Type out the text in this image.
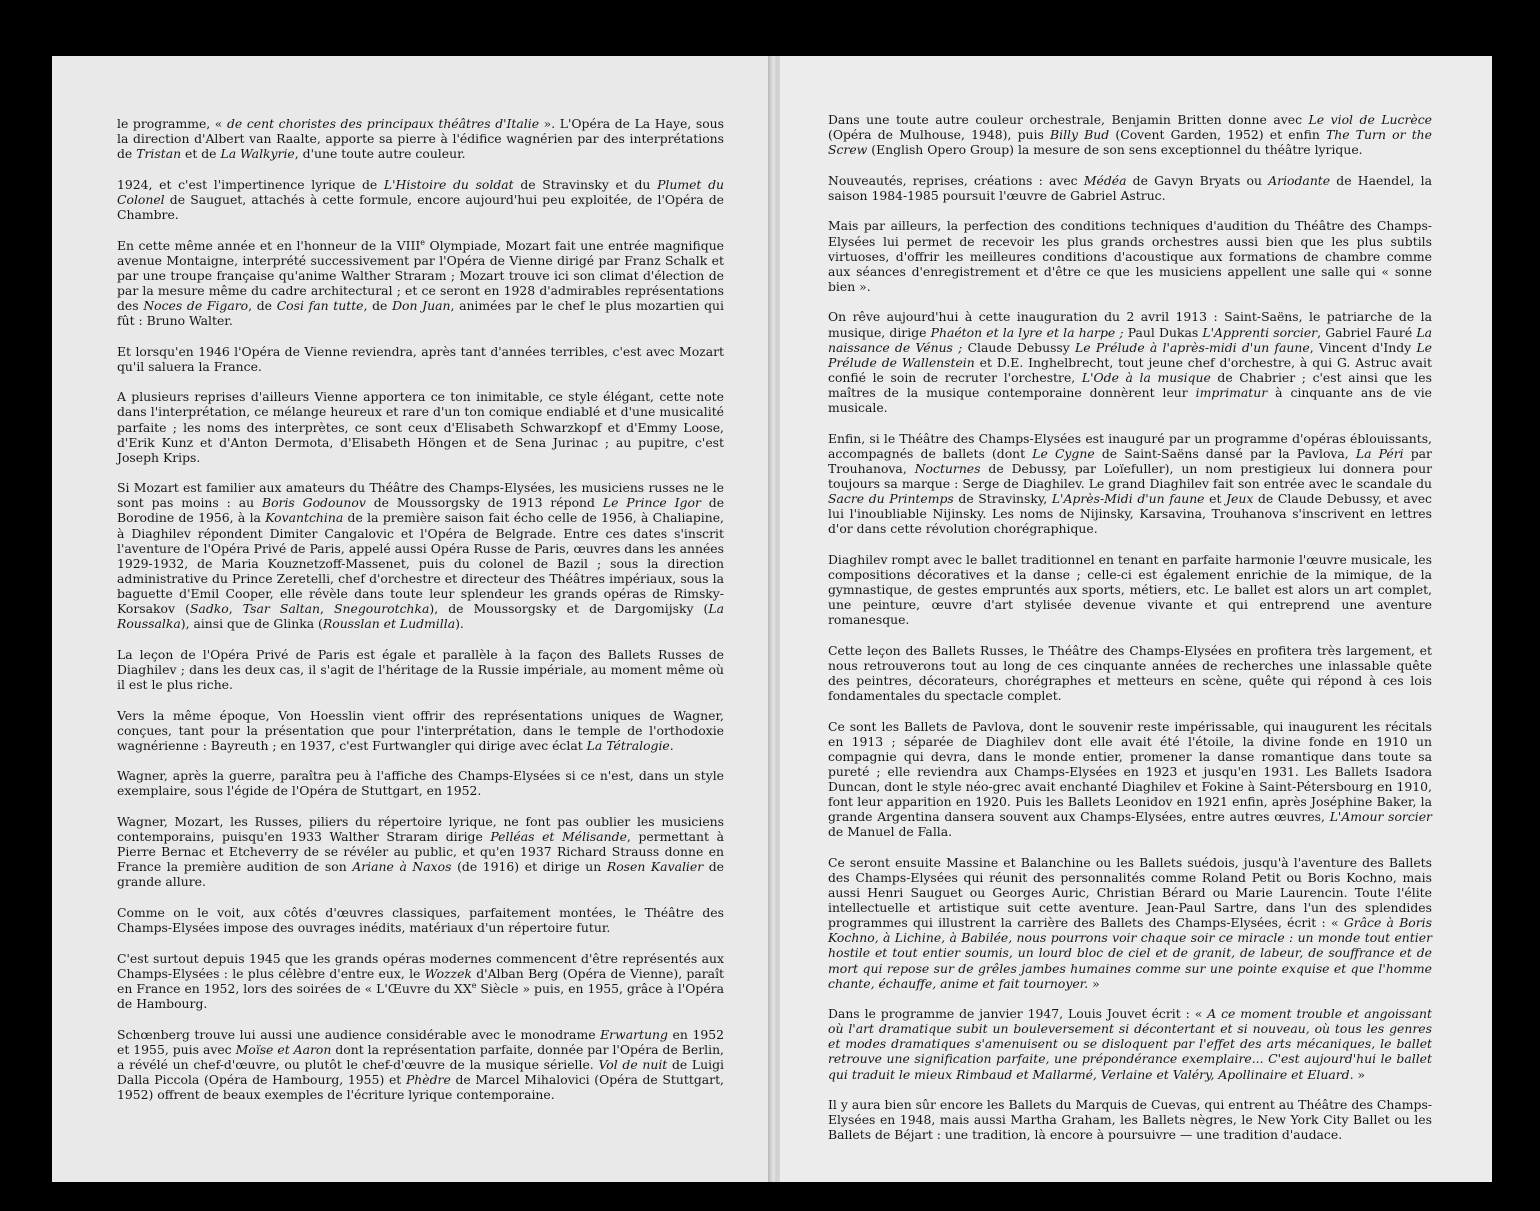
le programme, « de cent choristes des principaux théâtres d'Italie ». L'Opéra de La Haye, sous la direction d'Albert van Raalte, apporte sa pierre à l'édifice wagnérien par des interprétations de Tristan et de La Walkyrie, d'une toute autre couleur.

1924, et c'est l'impertinence lyrique de L'Histoire du soldat de Stravinsky et du Plumet du Colonel de Sauguet, attachés à cette formule, encore aujourd'hui peu exploitée, de l'Opéra de Chambre.

En cette même année et en l'honneur de la VIIIe Olympiade, Mozart fait une entrée magnifique avenue Montaigne, interprété successivement par l'Opéra de Vienne dirigé par Franz Schalk et par une troupe française qu'anime Walther Straram ; Mozart trouve ici son climat d'élection de par la mesure même du cadre architectural ; et ce seront en 1928 d'admirables représentations des Noces de Figaro, de Cosi fan tutte, de Don Juan, animées par le chef le plus mozartien qui fût : Bruno Walter.

Et lorsqu'en 1946 l'Opéra de Vienne reviendra, après tant d'années terribles, c'est avec Mozart qu'il saluera la France.

A plusieurs reprises d'ailleurs Vienne apportera ce ton inimitable, ce style élégant, cette note dans l'interprétation, ce mélange heureux et rare d'un ton comique endiablé et d'une musicalité parfaite ; les noms des interprètes, ce sont ceux d'Elisabeth Schwarzkopf et d'Emmy Loose, d'Erik Kunz et d'Anton Dermota, d'Elisabeth Höngen et de Sena Jurinac ; au pupitre, c'est Joseph Krips.

Si Mozart est familier aux amateurs du Théâtre des Champs-Elysées, les musiciens russes ne le sont pas moins : au Boris Godounov de Moussorgsky de 1913 répond Le Prince Igor de Borodine de 1956, à la Kovantchina de la première saison fait écho celle de 1956, à Chaliapine, à Diaghilev répondent Dimiter Cangalovic et l'Opéra de Belgrade. Entre ces dates s'inscrit l'aventure de l'Opéra Privé de Paris, appelé aussi Opéra Russe de Paris, œuvres dans les années 1929-1932, de Maria Kouznetzoff-Massenet, puis du colonel de Bazil ; sous la direction administrative du Prince Zeretelli, chef d'orchestre et directeur des Théâtres impériaux, sous la baguette d'Emil Cooper, elle révèle dans toute leur splendeur les grands opéras de Rimsky-Korsakov (Sadko, Tsar Saltan, Snegourotchka), de Moussorgsky et de Dargomijsky (La Roussalka), ainsi que de Glinka (Rousslan et Ludmilla).

La leçon de l'Opéra Privé de Paris est égale et parallèle à la façon des Ballets Russes de Diaghilev ; dans les deux cas, il s'agit de l'héritage de la Russie impériale, au moment même où il est le plus riche.

Vers la même époque, Von Hoesslin vient offrir des représentations uniques de Wagner, conçues, tant pour la présentation que pour l'interprétation, dans le temple de l'orthodoxie wagnérienne : Bayreuth ; en 1937, c'est Furtwangler qui dirige avec éclat La Tétralogie.

Wagner, après la guerre, paraîtra peu à l'affiche des Champs-Elysées si ce n'est, dans un style exemplaire, sous l'égide de l'Opéra de Stuttgart, en 1952.

Wagner, Mozart, les Russes, piliers du répertoire lyrique, ne font pas oublier les musiciens contemporains, puisqu'en 1933 Walther Straram dirige Pelléas et Mélisande, permettant à Pierre Bernac et Etcheverry de se révéler au public, et qu'en 1937 Richard Strauss donne en France la première audition de son Ariane à Naxos (de 1916) et dirige un Rosen Kavalier de grande allure.

Comme on le voit, aux côtés d'œuvres classiques, parfaitement montées, le Théâtre des Champs-Elysées impose des ouvrages inédits, matériaux d'un répertoire futur.

C'est surtout depuis 1945 que les grands opéras modernes commencent d'être représentés aux Champs-Elysées : le plus célèbre d'entre eux, le Wozzek d'Alban Berg (Opéra de Vienne), paraît en France en 1952, lors des soirées de « L'Œuvre du XXe Siècle » puis, en 1955, grâce à l'Opéra de Hambourg.

Schœnberg trouve lui aussi une audience considérable avec le monodrame Erwartung en 1952 et 1955, puis avec Moïse et Aaron dont la représentation parfaite, donnée par l'Opéra de Berlin, a révélé un chef-d'œuvre, ou plutôt le chef-d'œuvre de la musique sérielle. Vol de nuit de Luigi Dalla Piccola (Opéra de Hambourg, 1955) et Phèdre de Marcel Mihalovici (Opéra de Stuttgart, 1952) offrent de beaux exemples de l'écriture lyrique contemporaine.

Dans une toute autre couleur orchestrale, Benjamin Britten donne avec Le viol de Lucrèce (Opéra de Mulhouse, 1948), puis Billy Bud (Covent Garden, 1952) et enfin The Turn or the Screw (English Opero Group) la mesure de son sens exceptionnel du théâtre lyrique.

Nouveautés, reprises, créations : avec Médéa de Gavyn Bryats ou Ariodante de Haendel, la saison 1984-1985 poursuit l'œuvre de Gabriel Astruc.

Mais par ailleurs, la perfection des conditions techniques d'audition du Théâtre des Champs-Elysées lui permet de recevoir les plus grands orchestres aussi bien que les plus subtils virtuoses, d'offrir les meilleures conditions d'acoustique aux formations de chambre comme aux séances d'enregistrement et d'être ce que les musiciens appellent une salle qui « sonne bien ».

On rêve aujourd'hui à cette inauguration du 2 avril 1913 : Saint-Saëns, le patriarche de la musique, dirige Phaéton et la lyre et la harpe ; Paul Dukas L'Apprenti sorcier, Gabriel Fauré La naissance de Vénus ; Claude Debussy Le Prélude à l'après-midi d'un faune, Vincent d'Indy Le Prélude de Wallenstein et D.E. Inghelbrecht, tout jeune chef d'orchestre, à qui G. Astruc avait confié le soin de recruter l'orchestre, L'Ode à la musique de Chabrier ; c'est ainsi que les maîtres de la musique contemporaine donnèrent leur imprimatur à cinquante ans de vie musicale.

Enfin, si le Théâtre des Champs-Elysées est inauguré par un programme d'opéras éblouissants, accompagnés de ballets (dont Le Cygne de Saint-Saëns dansé par la Pavlova, La Péri par Trouhanova, Nocturnes de Debussy, par Loïefuller), un nom prestigieux lui donnera pour toujours sa marque : Serge de Diaghilev. Le grand Diaghilev fait son entrée avec le scandale du Sacre du Printemps de Stravinsky, L'Après-Midi d'un faune et Jeux de Claude Debussy, et avec lui l'inoubliable Nijinsky. Les noms de Nijinsky, Karsavina, Trouhanova s'inscrivent en lettres d'or dans cette révolution chorégraphique.

Diaghilev rompt avec le ballet traditionnel en tenant en parfaite harmonie l'œuvre musicale, les compositions décoratives et la danse ; celle-ci est également enrichie de la mimique, de la gymnastique, de gestes empruntés aux sports, métiers, etc. Le ballet est alors un art complet, une peinture, œuvre d'art stylisée devenue vivante et qui entreprend une aventure romanesque.

Cette leçon des Ballets Russes, le Théâtre des Champs-Elysées en profitera très largement, et nous retrouverons tout au long de ces cinquante années de recherches une inlassable quête des peintres, décorateurs, chorégraphes et metteurs en scène, quête qui répond à ces lois fondamentales du spectacle complet.

Ce sont les Ballets de Pavlova, dont le souvenir reste impérissable, qui inaugurent les récitals en 1913 ; séparée de Diaghilev dont elle avait été l'étoile, la divine fonde en 1910 un compagnie qui devra, dans le monde entier, promener la danse romantique dans toute sa pureté ; elle reviendra aux Champs-Elysées en 1923 et jusqu'en 1931. Les Ballets Isadora Duncan, dont le style néo-grec avait enchanté Diaghilev et Fokine à Saint-Pétersbourg en 1910, font leur apparition en 1920. Puis les Ballets Leonidov en 1921 enfin, après Joséphine Baker, la grande Argentina dansera souvent aux Champs-Elysées, entre autres œuvres, L'Amour sorcier de Manuel de Falla.

Ce seront ensuite Massine et Balanchine ou les Ballets suédois, jusqu'à l'aventure des Ballets des Champs-Elysées qui réunit des personnalités comme Roland Petit ou Boris Kochno, mais aussi Henri Sauguet ou Georges Auric, Christian Bérard ou Marie Laurencin. Toute l'élite intellectuelle et artistique suit cette aventure. Jean-Paul Sartre, dans l'un des splendides programmes qui illustrent la carrière des Ballets des Champs-Elysées, écrit : « Grâce à Boris Kochno, à Lichine, à Babilée, nous pourrons voir chaque soir ce miracle : un monde tout entier hostile et tout entier soumis, un lourd bloc de ciel et de granit, de labeur, de souffrance et de mort qui repose sur de grêles jambes humaines comme sur une pointe exquise et que l'homme chante, échauffe, anime et fait tournoyer. »

Dans le programme de janvier 1947, Louis Jouvet écrit : « A ce moment trouble et angoissant où l'art dramatique subit un bouleversement si décontertant et si nouveau, où tous les genres et modes dramatiques s'amenuisent ou se disloquent par l'effet des arts mécaniques, le ballet retrouve une signification parfaite, une prépondérance exemplaire... C'est aujourd'hui le ballet qui traduit le mieux Rimbaud et Mallarmé, Verlaine et Valéry, Apollinaire et Eluard. »

Il y aura bien sûr encore les Ballets du Marquis de Cuevas, qui entrent au Théâtre des Champs-Elysées en 1948, mais aussi Martha Graham, les Ballets nègres, le New York City Ballet ou les Ballets de Béjart : une tradition, là encore à poursuivre — une tradition d'audace.
